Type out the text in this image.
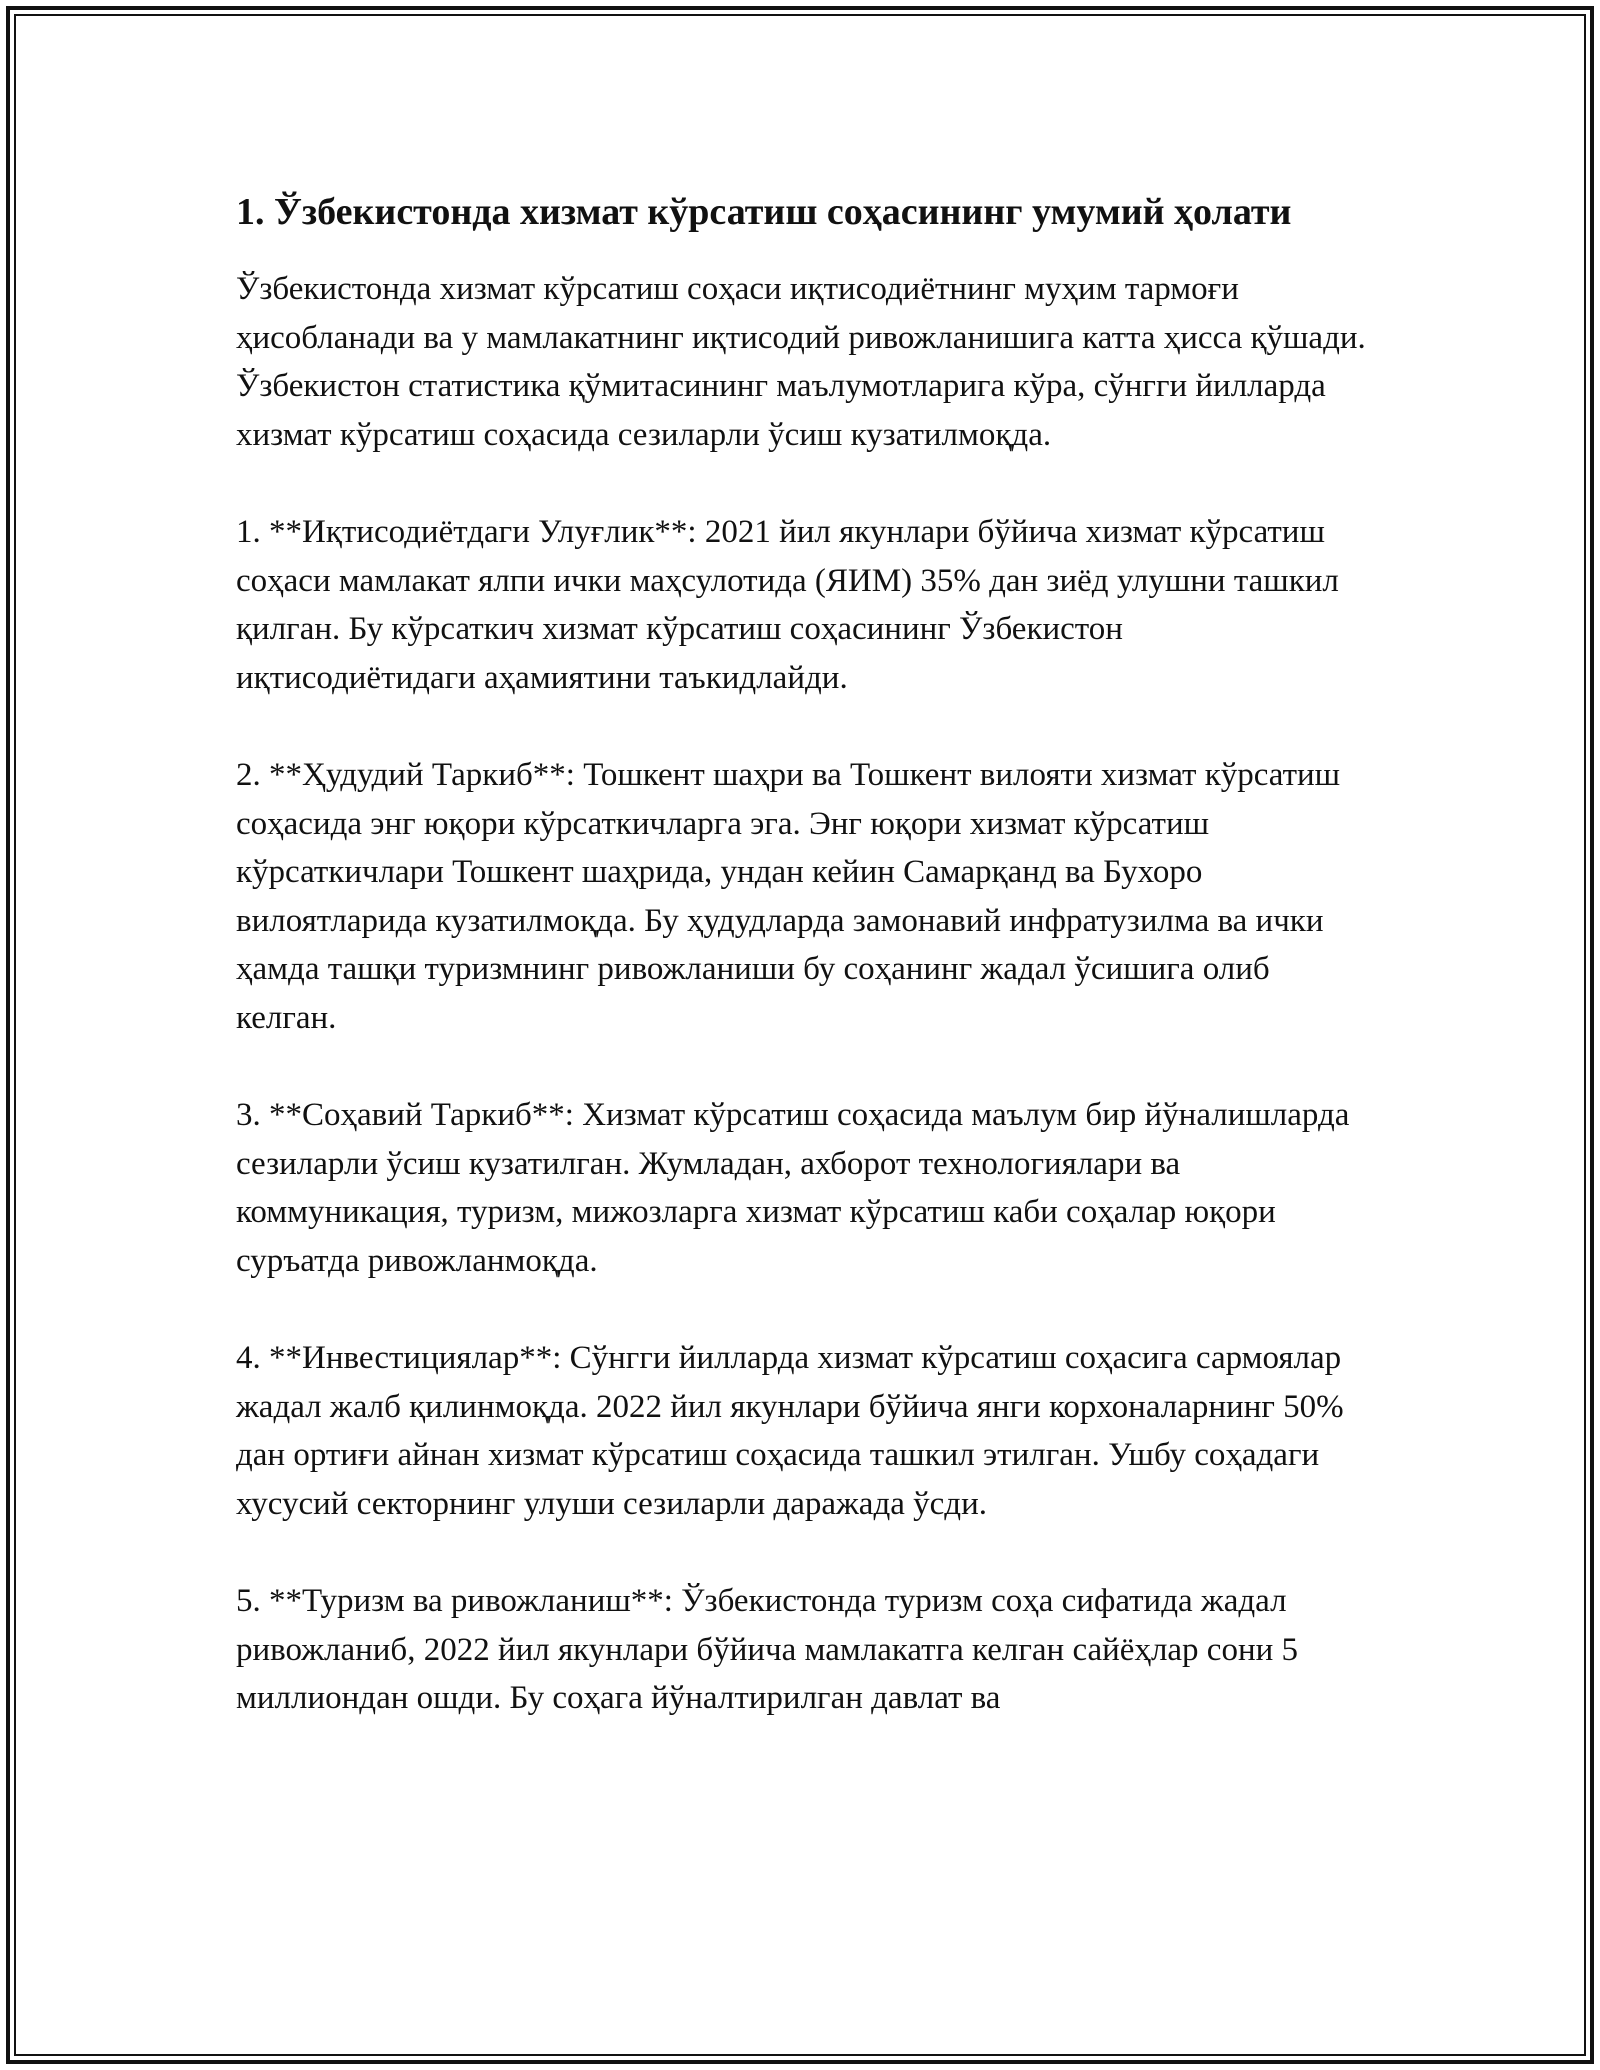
1. Ўзбекистонда хизмат кўрсатиш соҳасининг умумий ҳолати

Ўзбекистонда хизмат кўрсатиш соҳаси иқтисодиётнинг муҳим тармоғи ҳисобланади ва у мамлакатнинг иқтисодий ривожланишига катта ҳисса қўшади. Ўзбекистон статистика қўмитасининг маълумотларига кўра, сўнгги йилларда хизмат кўрсатиш соҳасида сезиларли ўсиш кузатилмоқда.

1. **Иқтисодиётдаги Улуғлик**: 2021 йил якунлари бўйича хизмат кўрсатиш соҳаси мамлакат ялпи ички маҳсулотида (ЯИМ) 35% дан зиёд улушни ташкил қилган. Бу кўрсаткич хизмат кўрсатиш соҳасининг Ўзбекистон иқтисодиётидаги аҳамиятини таъкидлайди.

2. **Ҳудудий Таркиб**: Тошкент шаҳри ва Тошкент вилояти хизмат кўрсатиш соҳасида энг юқори кўрсаткичларга эга. Энг юқори хизмат кўрсатиш кўрсаткичлари Тошкент шаҳрида, ундан кейин Самарқанд ва Бухоро вилоятларида кузатилмоқда. Бу ҳудудларда замонавий инфратузилма ва ички ҳамда ташқи туризмнинг ривожланиши бу соҳанинг жадал ўсишига олиб келган.

3. **Соҳавий Таркиб**: Хизмат кўрсатиш соҳасида маълум бир йўналишларда сезиларли ўсиш кузатилган. Жумладан, ахборот технологиялари ва коммуникация, туризм, мижозларга хизмат кўрсатиш каби соҳалар юқори суръатда ривожланмоқда.

4. **Инвестициялар**: Сўнгги йилларда хизмат кўрсатиш соҳасига сармоялар жадал жалб қилинмоқда. 2022 йил якунлари бўйича янги корхоналарнинг 50% дан ортиғи айнан хизмат кўрсатиш соҳасида ташкил этилган. Ушбу соҳадаги хусусий секторнинг улуши сезиларли даражада ўсди.

5. **Туризм ва ривожланиш**: Ўзбекистонда туризм соҳа сифатида жадал ривожланиб, 2022 йил якунлари бўйича мамлакатга келган сайёҳлар сони 5 миллиондан ошди. Бу соҳага йўналтирилган давлат ва
